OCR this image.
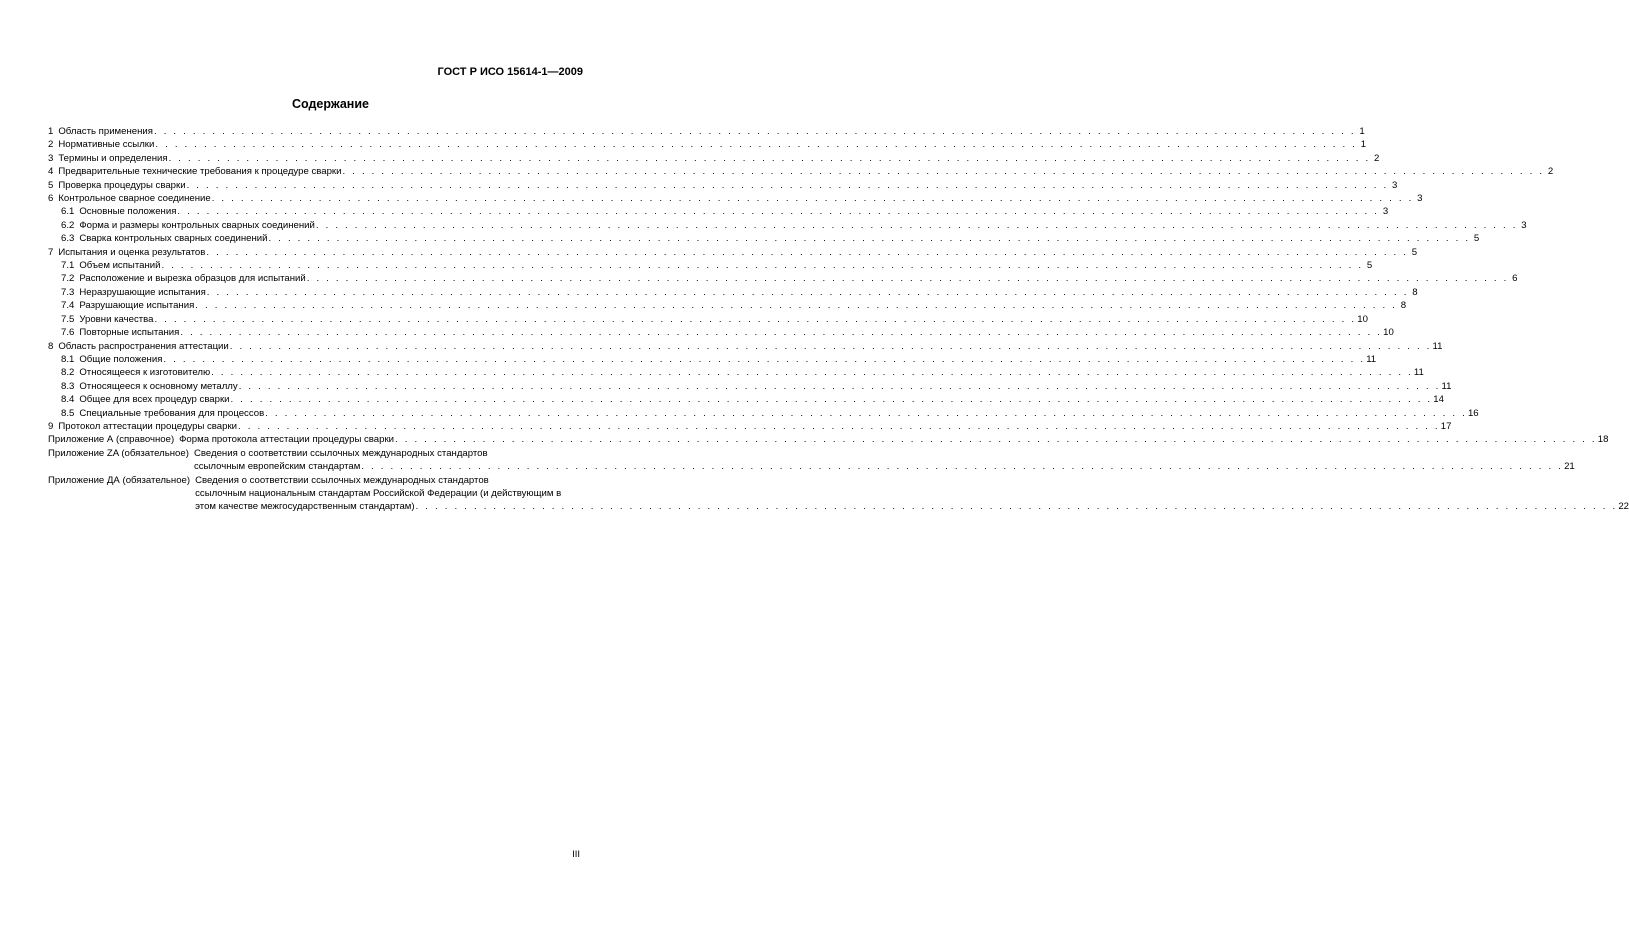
ГОСТ Р ИСО 15614-1—2009
Содержание
1 Область применения . . .	1
2 Нормативные ссылки . . .	1
3 Термины и определения . . .	2
4 Предварительные технические требования к процедуре сварки . . .	2
5 Проверка процедуры сварки . . .	3
6 Контрольное сварное соединение . . .	3
6.1 Основные положения . . .	3
6.2 Форма и размеры контрольных сварных соединений . . .	3
6.3 Сварка контрольных сварных соединений . . .	5
7 Испытания и оценка результатов . . .	5
7.1 Объем испытаний . . .	5
7.2 Расположение и вырезка образцов для испытаний . . .	6
7.3 Неразрушающие испытания . . .	8
7.4 Разрушающие испытания . . .	8
7.5 Уровни качества . . .	10
7.6 Повторные испытания . . .	10
8 Область распространения аттестации . . .	11
8.1 Общие положения . . .	11
8.2 Относящееся к изготовителю . . .	11
8.3 Относящееся к основному металлу . . .	11
8.4 Общее для всех процедур сварки . . .	14
8.5 Специальные требования для процессов . . .	16
9 Протокол аттестации процедуры сварки . . .	17
Приложение А (справочное) Форма протокола аттестации процедуры сварки . . .	18
Приложение ZA (обязательное) Сведения о соответствии ссылочных международных стандартов
ссылочным европейским стандартам . . .	21
Приложение ДА (обязательное) Сведения о соответствии ссылочных международных стандартов
ссылочным национальным стандартам Российской Федерации (и действующим в
этом качестве межгосударственным стандартам) . . .	22
III
